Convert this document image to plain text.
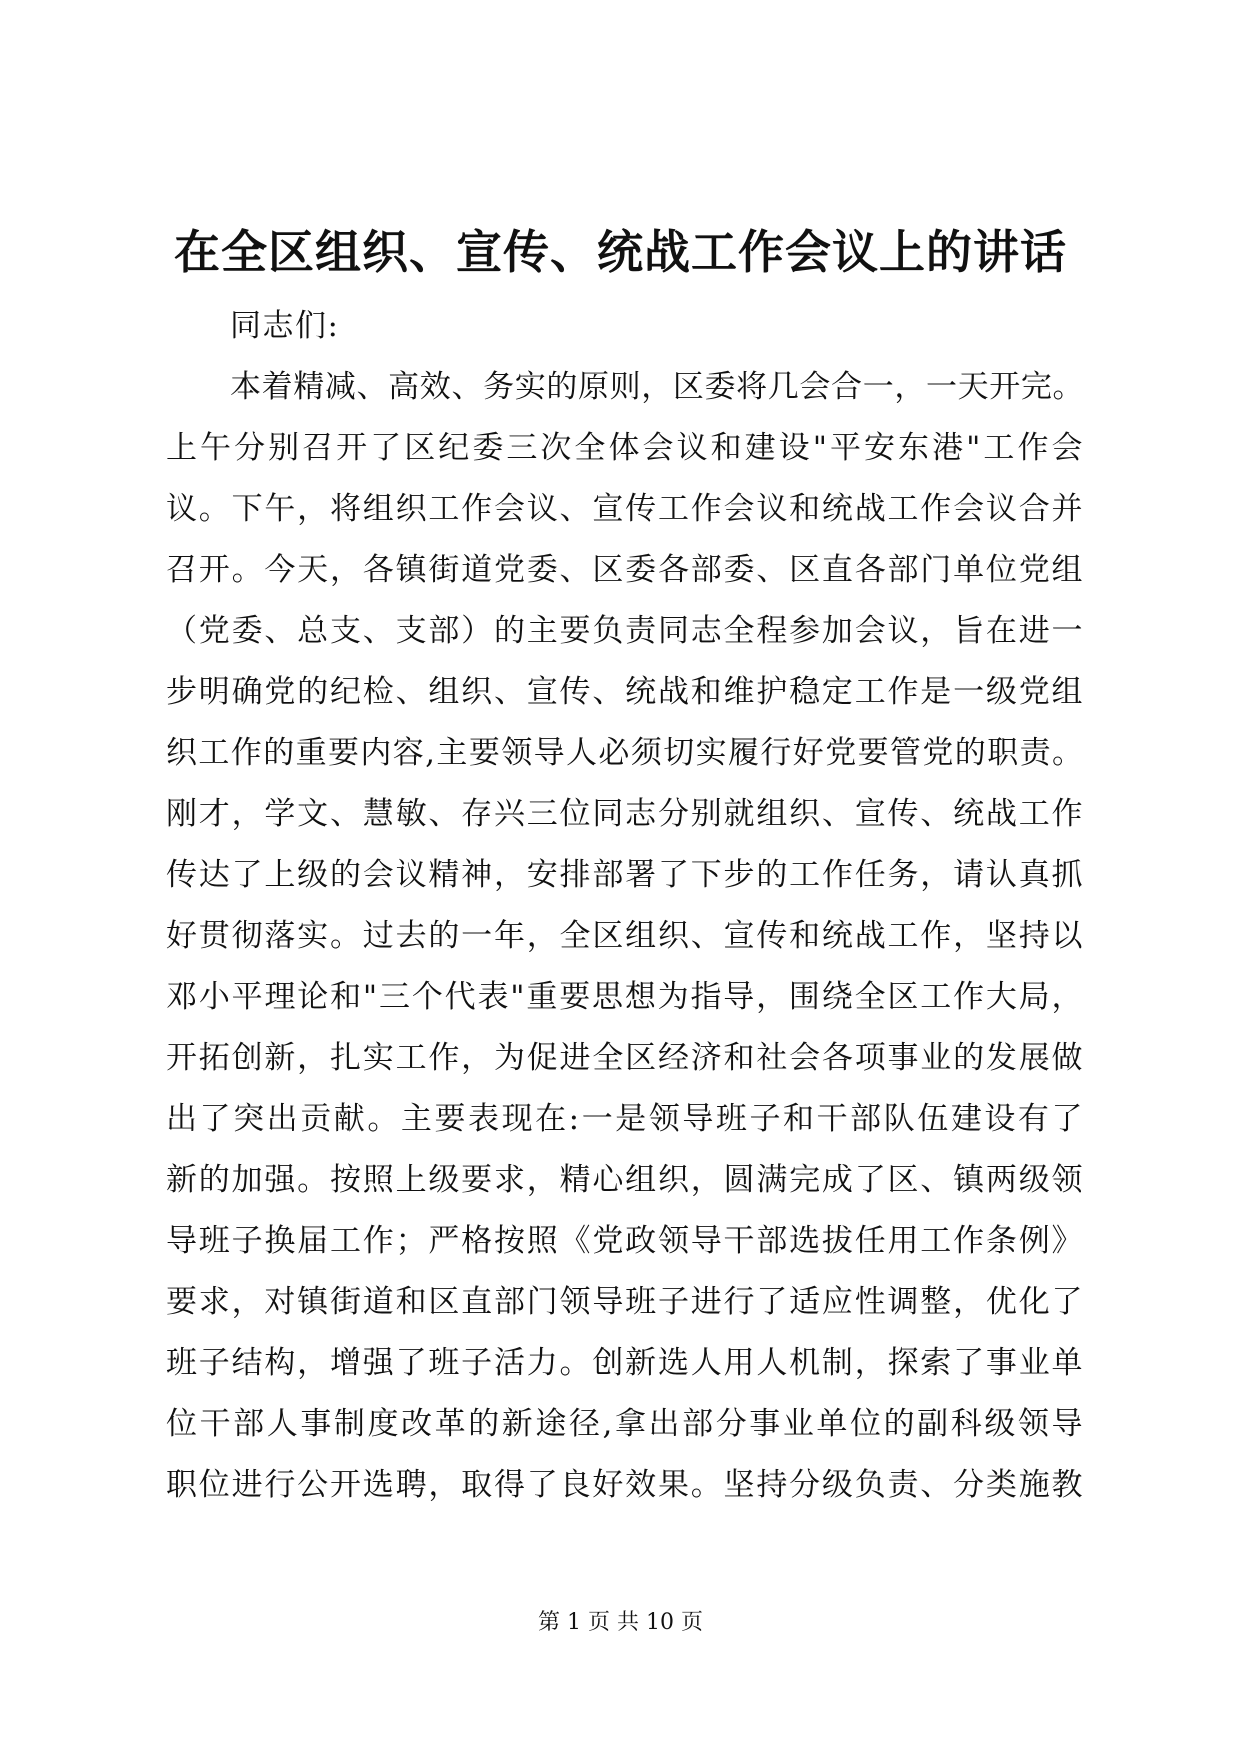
在全区组织、宣传、统战工作会议上的讲话
同志们:
本着精减、高效、务实的原则，区委将几会合一，一天开完。
上午分别召开了区纪委三次全体会议和建设"平安东港"工作会
议。下午，将组织工作会议、宣传工作会议和统战工作会议合并
召开。今天，各镇街道党委、区委各部委、区直各部门单位党组
（党委、总支、支部）的主要负责同志全程参加会议，旨在进一
步明确党的纪检、组织、宣传、统战和维护稳定工作是一级党组
织工作的重要内容,主要领导人必须切实履行好党要管党的职责。
刚才，学文、慧敏、存兴三位同志分别就组织、宣传、统战工作
传达了上级的会议精神，安排部署了下步的工作任务，请认真抓
好贯彻落实。过去的一年，全区组织、宣传和统战工作，坚持以
邓小平理论和"三个代表"重要思想为指导，围绕全区工作大局，
开拓创新，扎实工作，为促进全区经济和社会各项事业的发展做
出了突出贡献。主要表现在:一是领导班子和干部队伍建设有了
新的加强。按照上级要求，精心组织，圆满完成了区、镇两级领
导班子换届工作；严格按照《党政领导干部选拔任用工作条例》
要求，对镇街道和区直部门领导班子进行了适应性调整，优化了
班子结构，增强了班子活力。创新选人用人机制，探索了事业单
位干部人事制度改革的新途径,拿出部分事业单位的副科级领导
职位进行公开选聘，取得了良好效果。坚持分级负责、分类施教
第 1 页 共 10 页
